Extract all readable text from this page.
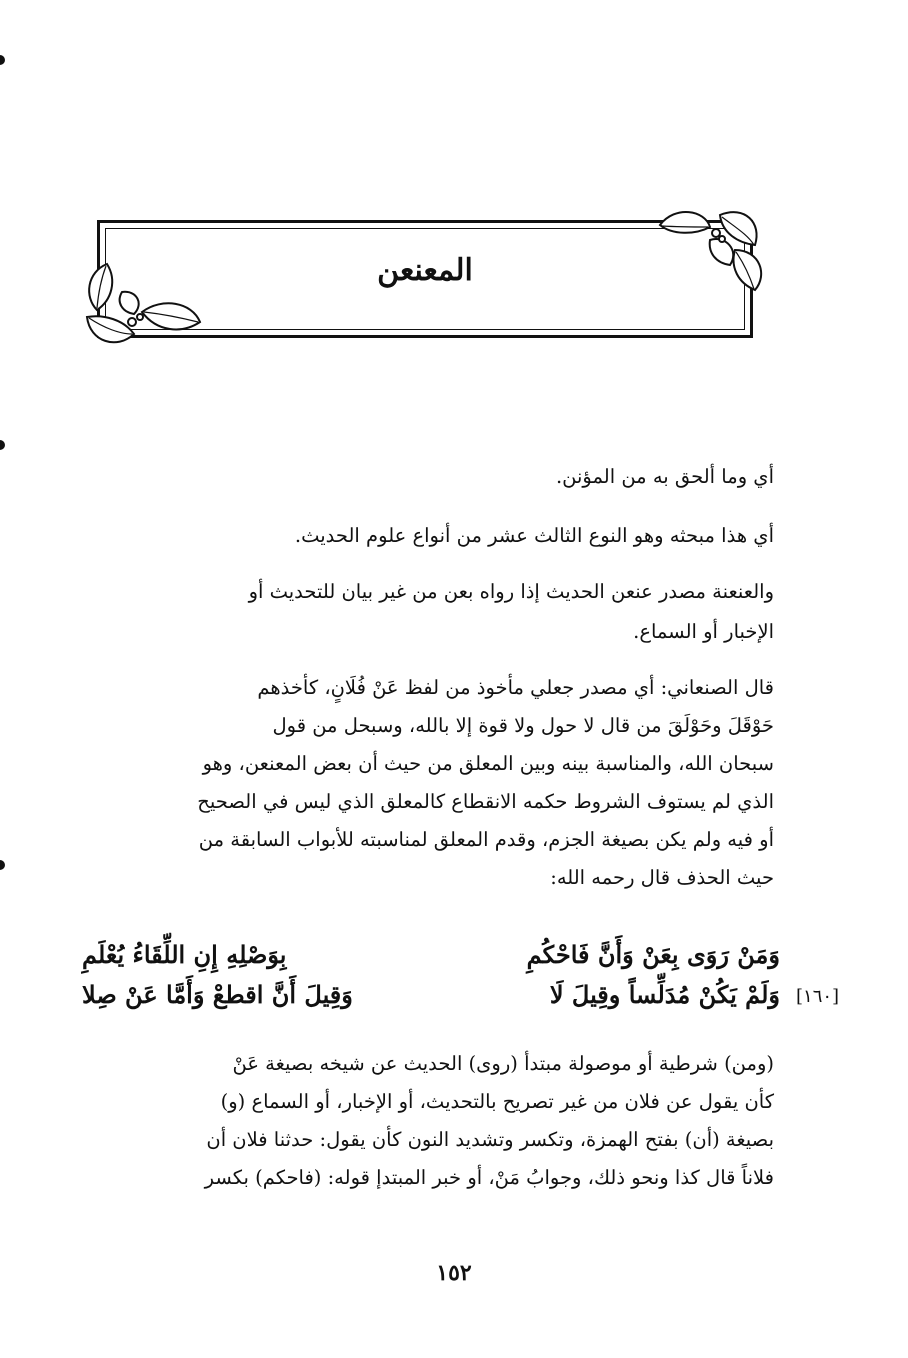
المعنعن
أي وما ألحق به من المؤنن.
أي هذا مبحثه وهو النوع الثالث عشر من أنواع علوم الحديث.
والعنعنة مصدر عنعن الحديث إذا رواه بعن من غير بيان للتحديث أو
الإخبار أو السماع.
قال الصنعاني: أي مصدر جعلي مأخوذ من لفظ عَنْ فُلَانٍ، كأخذهم
حَوْقَلَ وحَوْلَقَ من قال لا حول ولا قوة إلا بالله، وسبحل من قول
سبحان الله، والمناسبة بينه وبين المعلق من حيث أن بعض المعنعن، وهو
الذي لم يستوف الشروط حكمه الانقطاع كالمعلق الذي ليس في الصحيح
أو فيه ولم يكن بصيغة الجزم، وقدم المعلق لمناسبته للأبواب السابقة من
حيث الحذف قال رحمه الله:
وَمَنْ رَوَى بِعَنْ وَأَنَّ فَاحْكُمِ
بِوَصْلِهِ إِنِ اللِّقَاءُ يُعْلَمِ
وَلَمْ يَكُنْ مُدَلِّساً وقِيلَ لَا
وَقِيلَ أَنَّ اقطعْ وَأَمَّا عَنْ صِلا	[١٦٠]
(ومن) شرطية أو موصولة مبتدأ (روى) الحديث عن شيخه بصيغة عَنْ
كأن يقول عن فلان من غير تصريح بالتحديث، أو الإخبار، أو السماع (و)
بصيغة (أن) بفتح الهمزة، وتكسر وتشديد النون كأن يقول: حدثنا فلان أن
فلاناً قال كذا ونحو ذلك، وجوابُ مَنْ، أو خبر المبتدإ قوله: (فاحكم) بكسر
١٥٢
